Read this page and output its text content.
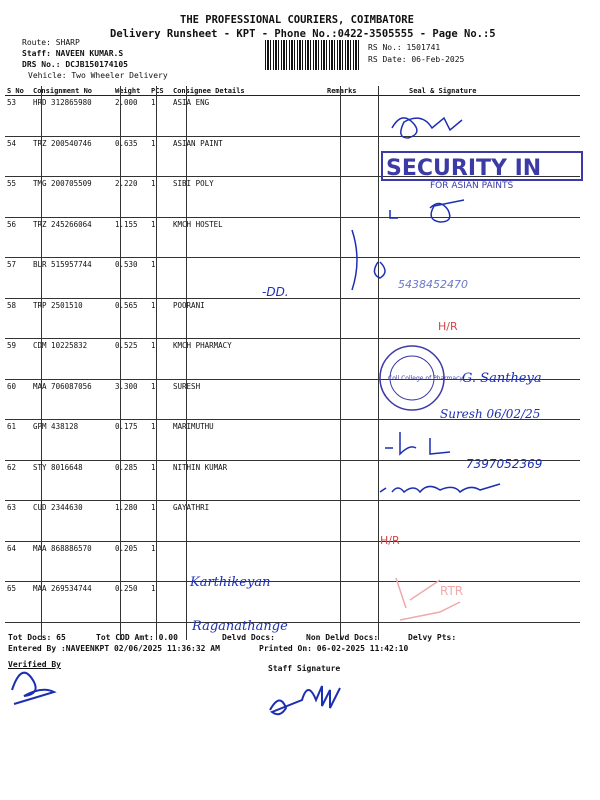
THE PROFESSIONAL COURIERS, COIMBATORE
Delivery Runsheet - KPT - Phone No.:0422-3505555 - Page No.:5
Route: SHARP
Staff: NAVEEN KUMAR.S
DRS No.: DCJB150174105
Vehicle: Two Wheeler Delivery
RS No.: 1501741
RS Date: 06-Feb-2025
S No	Consignment No	Weight	PCS	Consignee Details	Remarks	Seal & Signature
53	HRD 312865980	2.000	1	ASIA ENG		
54	TRZ 200540746	0.635	1	ASIAN PAINT		
55	TMG 200705509	2.220	1	SIBI POLY		
56	TRZ 245266064	1.155	1	KMCH HOSTEL		
57	BLR 515957744	0.530	1			
58	TRP 2501510	0.565	1	POORANI		
59	CDM 10225832	0.525	1	KMCH PHARMACY		
60	MAA 706087056	3.300	1	SURESH		
61	GPM 438128	0.175	1	MARIMUTHU		
62	STY 8016648	0.285	1	NITHIN KUMAR		
63	CUD 2344630	1.280	1	GAYATHRI		
64	MAA 868886570	0.205	1			
65	MAA 269534744	0.250	1			
SECURITY IN
FOR ASIAN PAINTS
-DD.
5438452470
H/R
Coll College of Pharmacy G. Santheya
Suresh 06/02/25
7397052369
H/R
Karthikeyan
Raganathange
RTR
Tot Docs: 65	Tot COD Amt: 0.00	Delvd Docs:	Non Delvd Docs:	Delvy Pts:
Entered By :NAVEENKPT 02/06/2025 11:36:32 AM	Printed On: 06-02-2025 11:42:10
Verified By	Staff Signature
